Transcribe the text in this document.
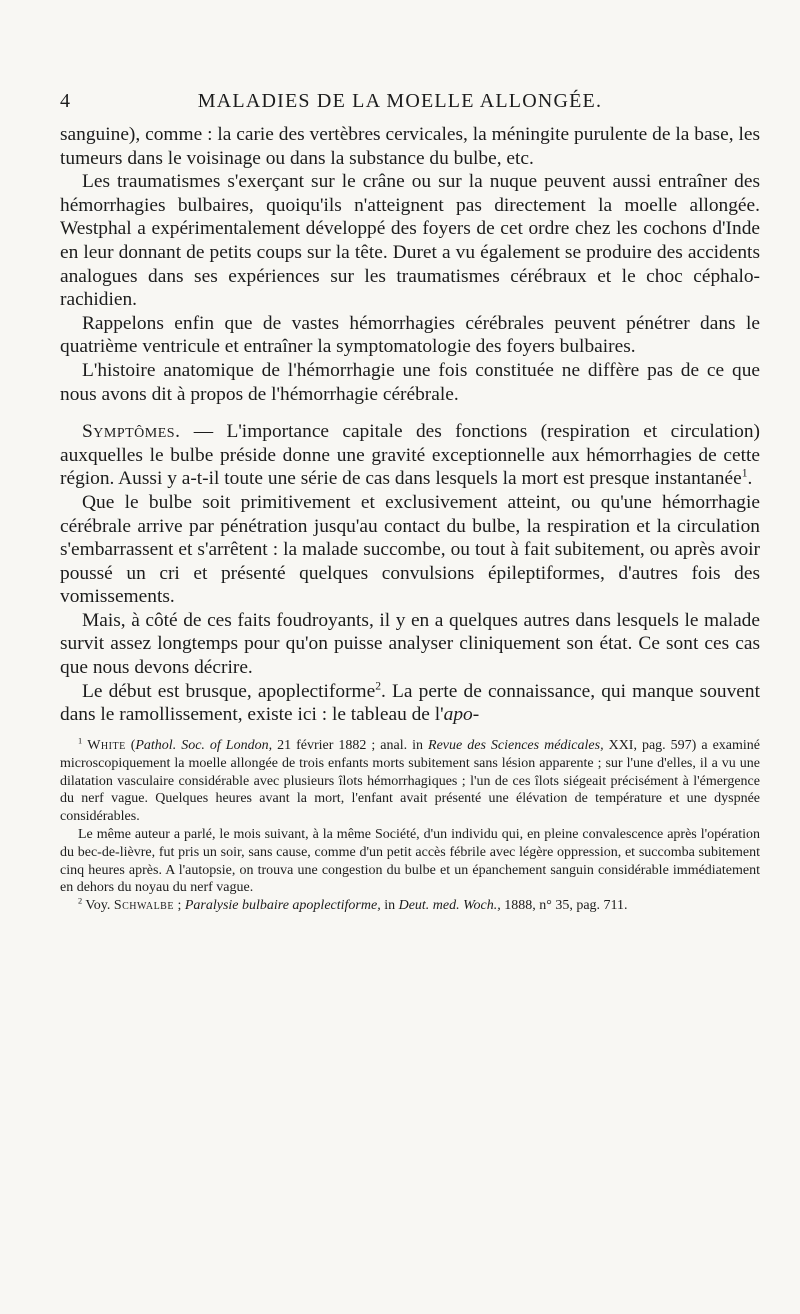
4	MALADIES DE LA MOELLE ALLONGÉE.

sanguine), comme : la carie des vertèbres cervicales, la méningite purulente de la base, les tumeurs dans le voisinage ou dans la substance du bulbe, etc.

Les traumatismes s'exerçant sur le crâne ou sur la nuque peuvent aussi entraîner des hémorrhagies bulbaires, quoiqu'ils n'atteignent pas directement la moelle allongée. Westphal a expérimentalement développé des foyers de cet ordre chez les cochons d'Inde en leur donnant de petits coups sur la tête. Duret a vu également se produire des accidents analogues dans ses expériences sur les traumatismes cérébraux et le choc céphalo-rachidien.

Rappelons enfin que de vastes hémorrhagies cérébrales peuvent pénétrer dans le quatrième ventricule et entraîner la symptomatologie des foyers bulbaires.

L'histoire anatomique de l'hémorrhagie une fois constituée ne diffère pas de ce que nous avons dit à propos de l'hémorrhagie cérébrale.

Symptômes. — L'importance capitale des fonctions (respiration et circulation) auxquelles le bulbe préside donne une gravité exceptionnelle aux hémorrhagies de cette région. Aussi y a-t-il toute une série de cas dans lesquels la mort est presque instantanée$^1$.

Que le bulbe soit primitivement et exclusivement atteint, ou qu'une hémorrhagie cérébrale arrive par pénétration jusqu'au contact du bulbe, la respiration et la circulation s'embarrassent et s'arrêtent : la malade succombe, ou tout à fait subitement, ou après avoir poussé un cri et présenté quelques convulsions épileptiformes, d'autres fois des vomissements.

Mais, à côté de ces faits foudroyants, il y en a quelques autres dans lesquels le malade survit assez longtemps pour qu'on puisse analyser cliniquement son état. Ce sont ces cas que nous devons décrire.

Le début est brusque, apoplectiforme$^2$. La perte de connaissance, qui manque souvent dans le ramollissement, existe ici : le tableau de l'apo-

$^1$ White (Pathol. Soc. of London, 21 février 1882 ; anal. in Revue des Sciences médicales, XXI, pag. 597) a examiné microscopiquement la moelle allongée de trois enfants morts subitement sans lésion apparente ; sur l'une d'elles, il a vu une dilatation vasculaire considérable avec plusieurs îlots hémorrhagiques ; l'un de ces îlots siégeait précisément à l'émergence du nerf vague. Quelques heures avant la mort, l'enfant avait présenté une élévation de température et une dyspnée considérables.

Le même auteur a parlé, le mois suivant, à la même Société, d'un individu qui, en pleine convalescence après l'opération du bec-de-lièvre, fut pris un soir, sans cause, comme d'un petit accès fébrile avec légère oppression, et succomba subitement cinq heures après. A l'autopsie, on trouva une congestion du bulbe et un épanchement sanguin considérable immédiatement en dehors du noyau du nerf vague.

$^2$ Voy. Schwalbe ; Paralysie bulbaire apoplectiforme, in Deut. med. Woch., 1888, n° 35, pag. 711.
